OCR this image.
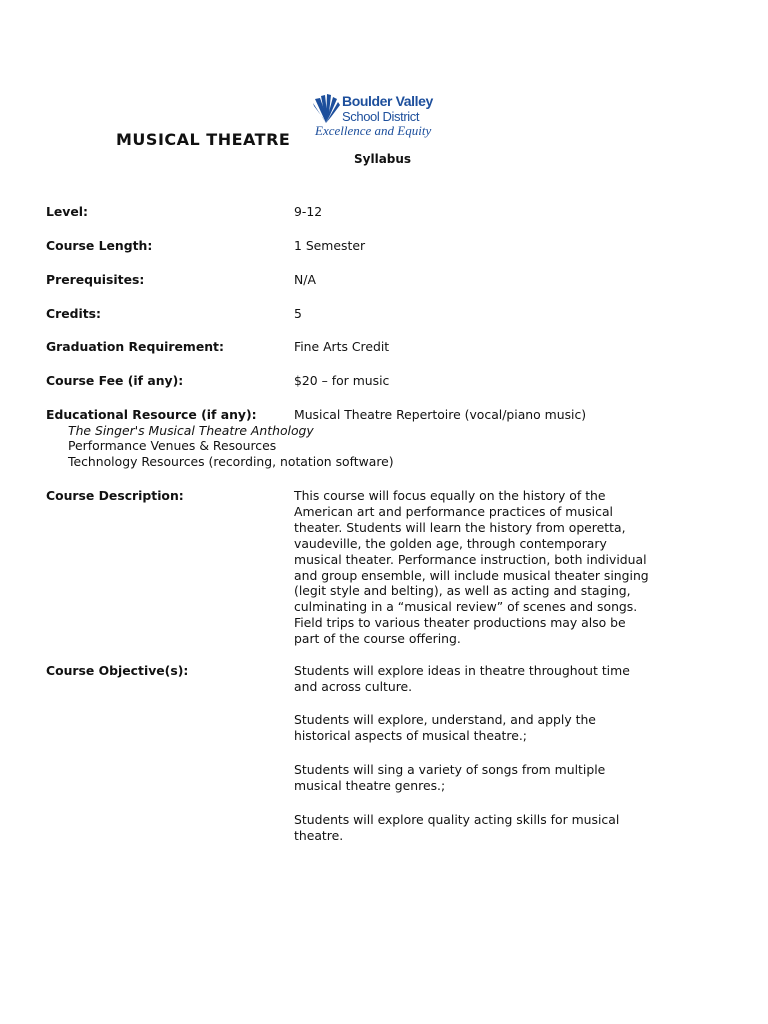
Boulder Valley
School District
Excellence and Equity
MUSICAL THEATRE
Syllabus
Level:	9-12
Course Length:	1 Semester
Prerequisites:	N/A
Credits:	5
Graduation Requirement:	Fine Arts Credit
Course Fee (if any):	$20 – for music
Educational Resource (if any):	Musical Theatre Repertoire (vocal/piano music)
The Singer's Musical Theatre Anthology
Performance Venues & Resources
Technology Resources (recording, notation software)
Course Description:	This course will focus equally on the history of the
American art and performance practices of musical
theater. Students will learn the history from operetta,
vaudeville, the golden age, through contemporary
musical theater. Performance instruction, both individual
and group ensemble, will include musical theater singing
(legit style and belting), as well as acting and staging,
culminating in a “musical review” of scenes and songs.
Field trips to various theater productions may also be
part of the course offering.
Course Objective(s):	Students will explore ideas in theatre throughout time
and across culture.
Students will explore, understand, and apply the
historical aspects of musical theatre.;
Students will sing a variety of songs from multiple
musical theatre genres.;
Students will explore quality acting skills for musical
theatre.
